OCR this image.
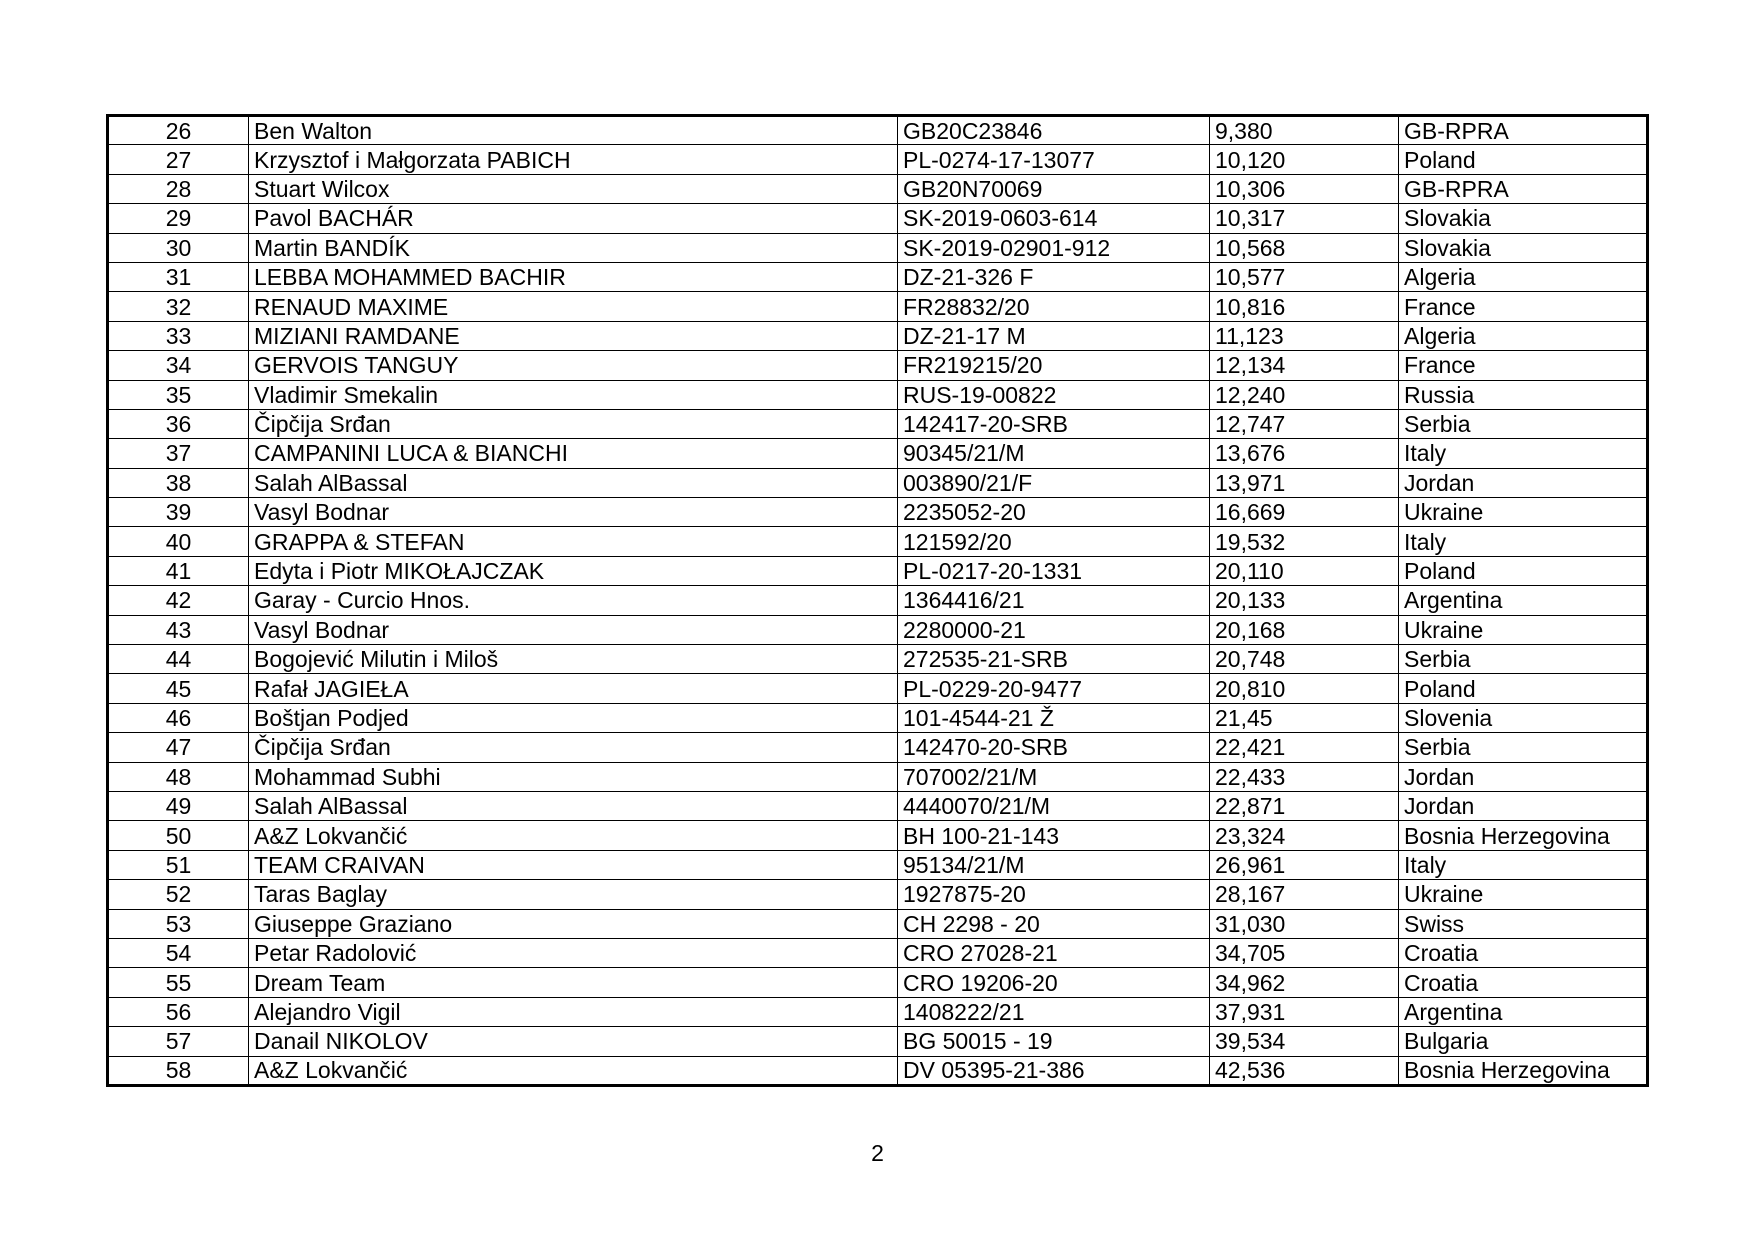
26	Ben Walton	GB20C23846	9,380	GB-RPRA
27	Krzysztof i Małgorzata PABICH	PL-0274-17-13077	10,120	Poland
28	Stuart Wilcox	GB20N70069	10,306	GB-RPRA
29	Pavol BACHÁR	SK-2019-0603-614	10,317	Slovakia
30	Martin BANDÍK	SK-2019-02901-912	10,568	Slovakia
31	LEBBA MOHAMMED BACHIR	DZ-21-326 F	10,577	Algeria
32	RENAUD MAXIME	FR28832/20	10,816	France
33	MIZIANI RAMDANE	DZ-21-17 M	11,123	Algeria
34	GERVOIS TANGUY	FR219215/20	12,134	France
35	Vladimir Smekalin	RUS-19-00822	12,240	Russia
36	Čipčija Srđan	142417-20-SRB	12,747	Serbia
37	CAMPANINI LUCA & BIANCHI	90345/21/M	13,676	Italy
38	Salah AlBassal	003890/21/F	13,971	Jordan
39	Vasyl Bodnar	2235052-20	16,669	Ukraine
40	GRAPPA & STEFAN	121592/20	19,532	Italy
41	Edyta i Piotr MIKOŁAJCZAK	PL-0217-20-1331	20,110	Poland
42	Garay - Curcio Hnos.	1364416/21	20,133	Argentina
43	Vasyl Bodnar	2280000-21	20,168	Ukraine
44	Bogojević Milutin i Miloš	272535-21-SRB	20,748	Serbia
45	Rafał JAGIEŁA	PL-0229-20-9477	20,810	Poland
46	Boštjan Podjed	101-4544-21 Ž	21,45	Slovenia
47	Čipčija Srđan	142470-20-SRB	22,421	Serbia
48	Mohammad Subhi	707002/21/M	22,433	Jordan
49	Salah AlBassal	4440070/21/M	22,871	Jordan
50	A&Z Lokvančić	BH 100-21-143	23,324	Bosnia Herzegovina
51	TEAM CRAIVAN	95134/21/M	26,961	Italy
52	Taras Baglay	1927875-20	28,167	Ukraine
53	Giuseppe Graziano	CH 2298 - 20	31,030	Swiss
54	Petar Radolović	CRO 27028-21	34,705	Croatia
55	Dream Team	CRO 19206-20	34,962	Croatia
56	Alejandro Vigil	1408222/21	37,931	Argentina
57	Danail NIKOLOV	BG 50015 - 19	39,534	Bulgaria
58	A&Z Lokvančić	DV 05395-21-386	42,536	Bosnia Herzegovina
2
